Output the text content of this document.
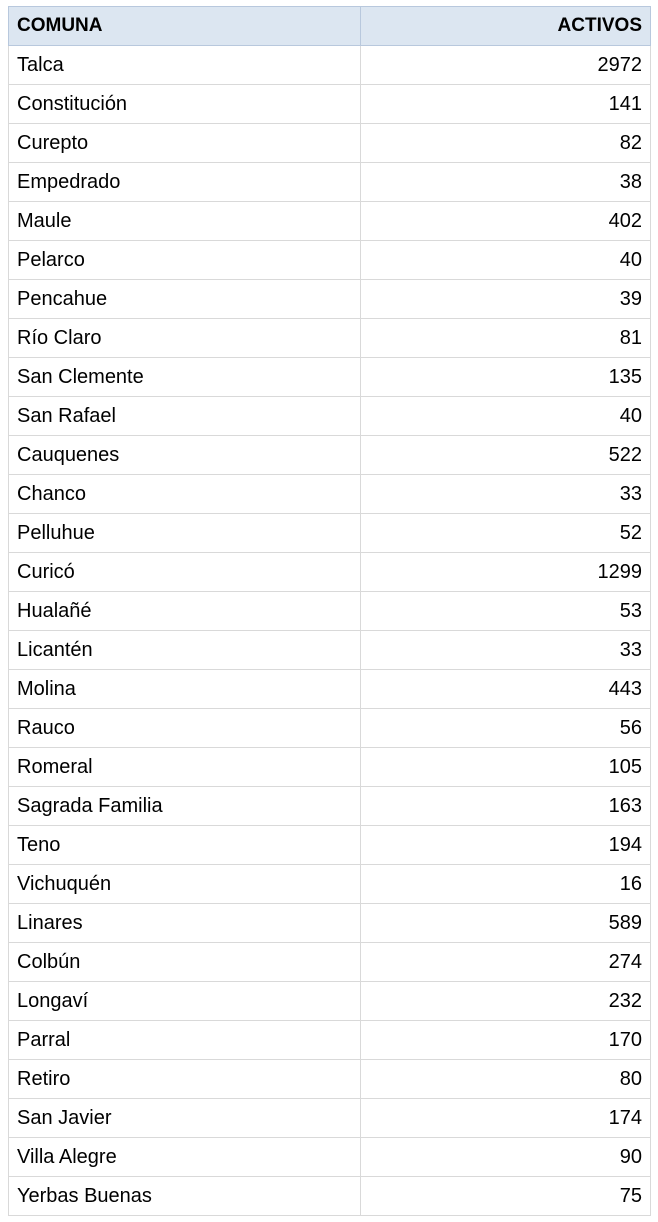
COMUNA	ACTIVOS
Talca	2972
Constitución	141
Curepto	82
Empedrado	38
Maule	402
Pelarco	40
Pencahue	39
Río Claro	81
San Clemente	135
San Rafael	40
Cauquenes	522
Chanco	33
Pelluhue	52
Curicó	1299
Hualañé	53
Licantén	33
Molina	443
Rauco	56
Romeral	105
Sagrada Familia	163
Teno	194
Vichuquén	16
Linares	589
Colbún	274
Longaví	232
Parral	170
Retiro	80
San Javier	174
Villa Alegre	90
Yerbas Buenas	75
